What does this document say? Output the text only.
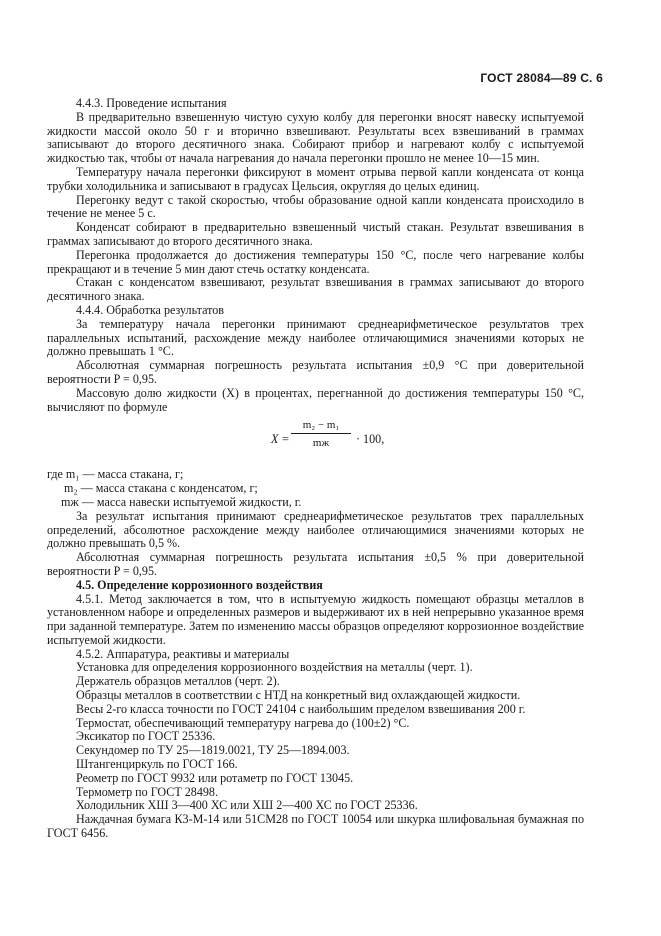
ГОСТ 28084—89 С. 6

4.4.3. Проведение испытания

В предварительно взвешенную чистую сухую колбу для перегонки вносят навеску испытуемой жидкости массой около 50 г и вторично взвешивают. Результаты всех взвешиваний в граммах записывают до второго десятичного знака. Собирают прибор и нагревают колбу с испытуемой жидкостью так, чтобы от начала нагревания до начала перегонки прошло не менее 10—15 мин.

Температуру начала перегонки фиксируют в момент отрыва первой капли конденсата от конца трубки холодильника и записывают в градусах Цельсия, округляя до целых единиц.

Перегонку ведут с такой скоростью, чтобы образование одной капли конденсата происходило в течение не менее 5 с.

Конденсат собирают в предварительно взвешенный чистый стакан. Результат взвешивания в граммах записывают до второго десятичного знака.

Перегонка продолжается до достижения температуры 150 °С, после чего нагревание колбы прекращают и в течение 5 мин дают стечь остатку конденсата.

Стакан с конденсатом взвешивают, результат взвешивания в граммах записывают до второго десятичного знака.

4.4.4. Обработка результатов

За температуру начала перегонки принимают среднеарифметическое результатов трех параллельных испытаний, расхождение между наиболее отличающимися значениями которых не должно превышать 1 °С.

Абсолютная суммарная погрешность результата испытания ±0,9 °С при доверительной вероятности P = 0,95.

Массовую долю жидкости (X) в процентах, перегнанной до достижения температуры 150 °С, вычисляют по формуле

X =
m₂ − m₁
mж	· 100,
где m₁ — масса стакана, г;
m₂ — масса стакана с конденсатом, г;
mж — масса навески испытуемой жидкости, г.

За результат испытания принимают среднеарифметическое результатов трех параллельных определений, абсолютное расхождение между наиболее отличающимися значениями которых не должно превышать 0,5 %.

Абсолютная суммарная погрешность результата испытания ±0,5 % при доверительной вероятности P = 0,95.

4.5. Определение коррозионного воздействия

4.5.1. Метод заключается в том, что в испытуемую жидкость помещают образцы металлов в установленном наборе и определенных размеров и выдерживают их в ней непрерывно указанное время при заданной температуре. Затем по изменению массы образцов определяют коррозионное воздействие испытуемой жидкости.

4.5.2. Аппаратура, реактивы и материалы

Установка для определения коррозионного воздействия на металлы (черт. 1).

Держатель образцов металлов (черт. 2).

Образцы металлов в соответствии с НТД на конкретный вид охлаждающей жидкости.

Весы 2-го класса точности по ГОСТ 24104 с наибольшим пределом взвешивания 200 г.

Термостат, обеспечивающий температуру нагрева до (100±2) °С.

Эксикатор по ГОСТ 25336.

Секундомер по ТУ 25—1819.0021, ТУ 25—1894.003.

Штангенциркуль по ГОСТ 166.

Реометр по ГОСТ 9932 или ротаметр по ГОСТ 13045.

Термометр по ГОСТ 28498.

Холодильник ХШ 3—400 ХС или ХШ 2—400 ХС по ГОСТ 25336.

Наждачная бумага К3-М-14 или 51СМ28 по ГОСТ 10054 или шкурка шлифовальная бумажная по ГОСТ 6456.
